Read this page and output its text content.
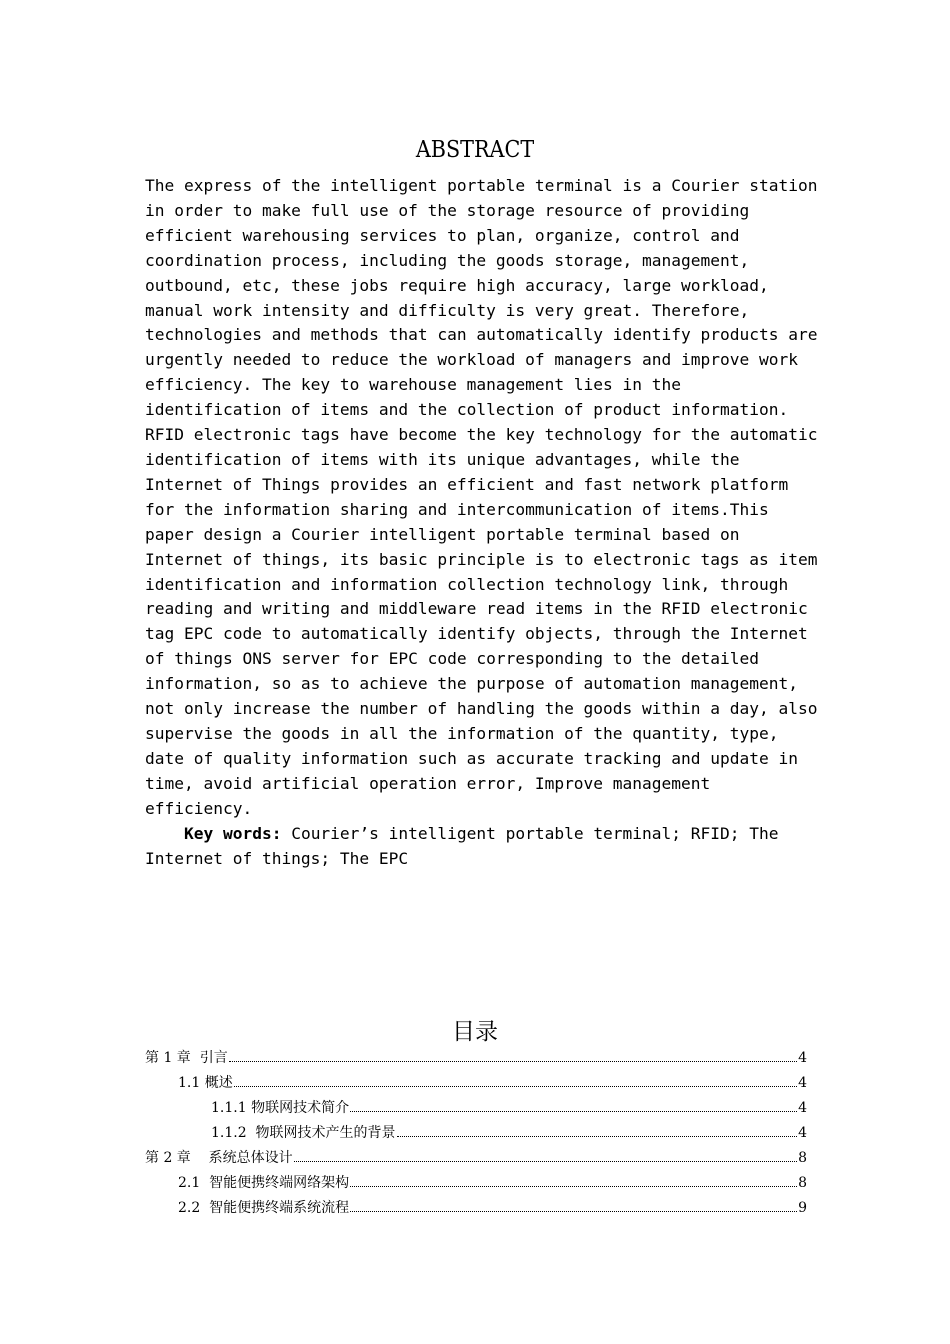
ABSTRACT
The express of the intelligent portable terminal is a Courier station
in order to make full use of the storage resource of providing
efficient warehousing services to plan, organize, control and
coordination process, including the goods storage, management,
outbound, etc, these jobs require high accuracy, large workload,
manual work intensity and difficulty is very great. Therefore,
technologies and methods that can automatically identify products are
urgently needed to reduce the workload of managers and improve work
efficiency. The key to warehouse management lies in the
identification of items and the collection of product information.
RFID electronic tags have become the key technology for the automatic
identification of items with its unique advantages, while the
Internet of Things provides an efficient and fast network platform
for the information sharing and intercommunication of items.This
paper design a Courier intelligent portable terminal based on
Internet of things, its basic principle is to electronic tags as item
identification and information collection technology link, through
reading and writing and middleware read items in the RFID electronic
tag EPC code to automatically identify objects, through the Internet
of things ONS server for EPC code corresponding to the detailed
information, so as to achieve the purpose of automation management,
not only increase the number of handling the goods within a day, also
supervise the goods in all the information of the quantity, type,
date of quality information such as accurate tracking and update in
time, avoid artificial operation error, Improve management
efficiency.
Key words: Courier’s intelligent portable terminal; RFID; The
Internet of things; The EPC
目录
第 1 章  引言	4
1.1 概述	4
1.1.1 物联网技术简介	4
1.1.2  物联网技术产生的背景	4
第 2 章    系统总体设计	8
2.1  智能便携终端网络架构	8
2.2  智能便携终端系统流程	9
